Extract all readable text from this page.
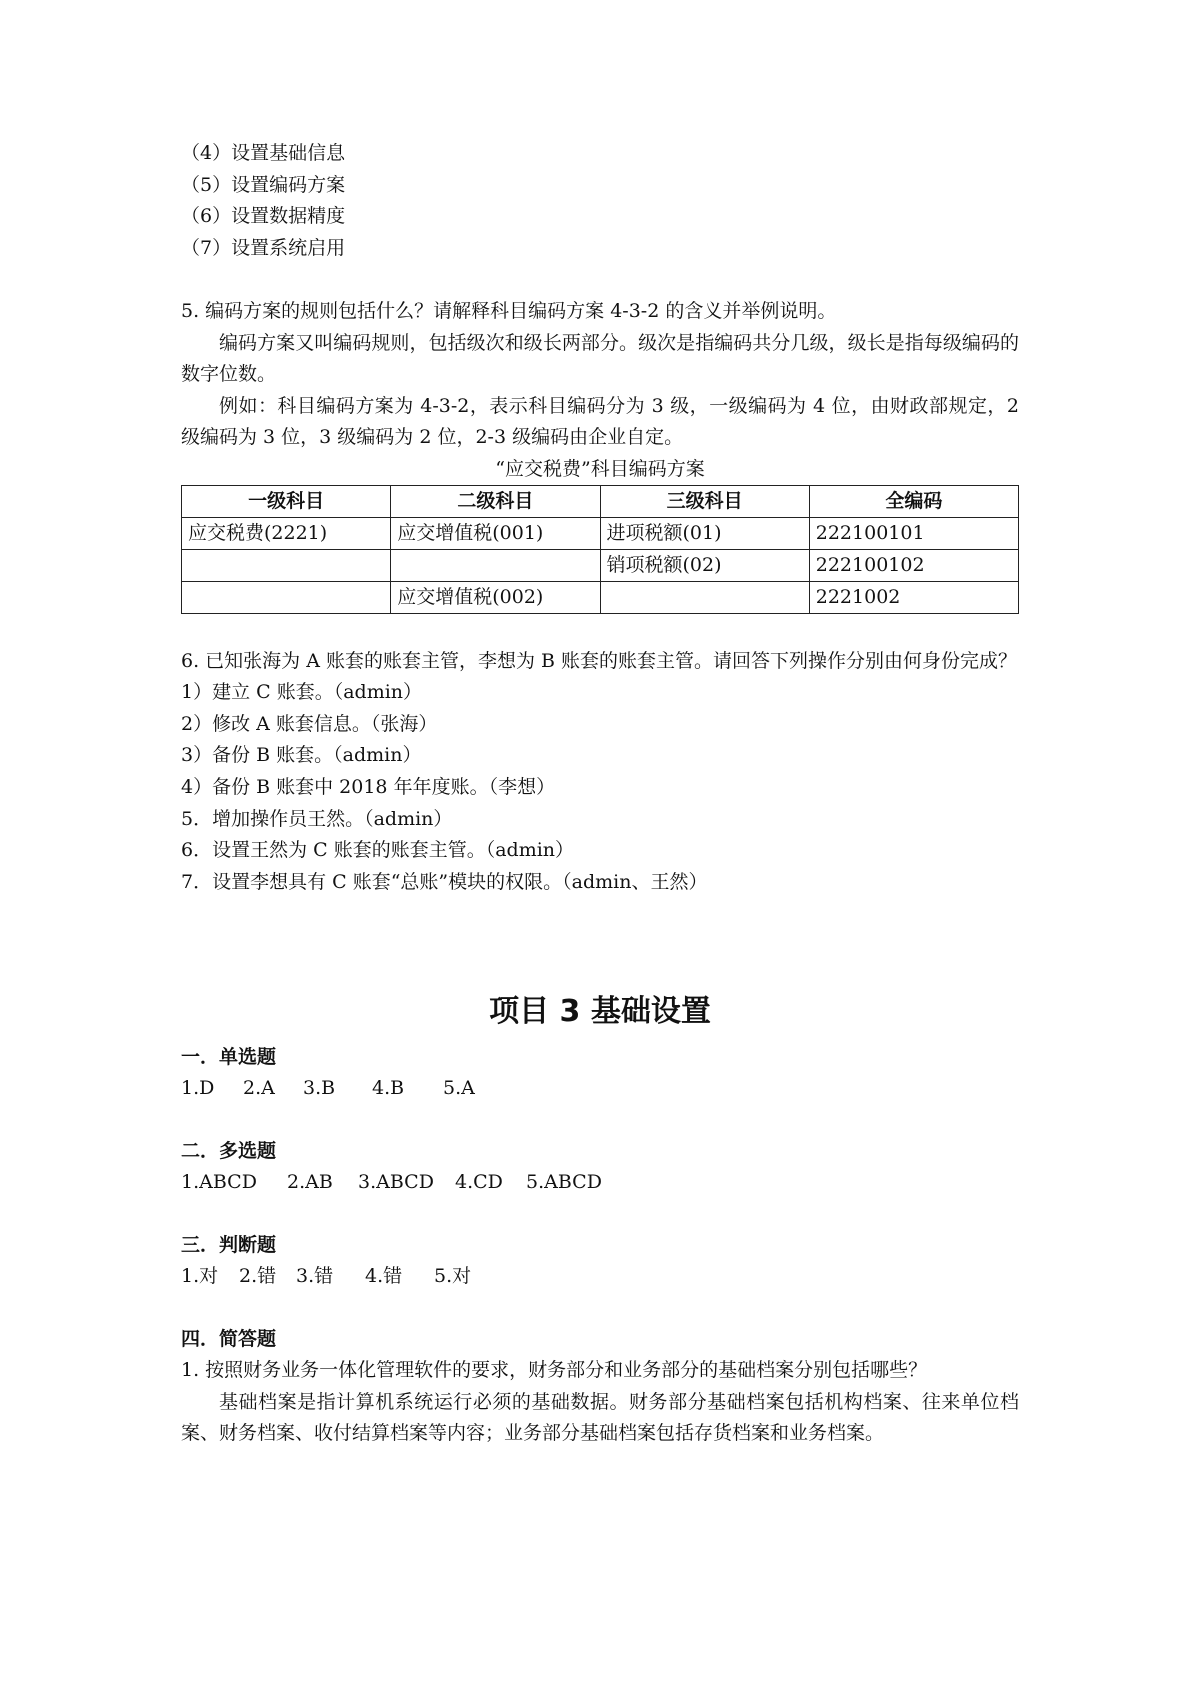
（4）设置基础信息
（5）设置编码方案
（6）设置数据精度
（7）设置系统启用
5. 编码方案的规则包括什么？请解释科目编码方案 4-3-2 的含义并举例说明。
编码方案又叫编码规则，包括级次和级长两部分。级次是指编码共分几级，级长是指每级编码的数字位数。
例如：科目编码方案为 4-3-2，表示科目编码分为 3 级，一级编码为 4 位，由财政部规定，2 级编码为 3 位，3 级编码为 2 位，2-3 级编码由企业自定。
“应交税费”科目编码方案
一级科目	二级科目	三级科目	全编码
应交税费(2221)	应交增值税(001)	进项税额(01)	222100101
		销项税额(02)	222100102
	应交增值税(002)		2221002
6. 已知张海为 A 账套的账套主管，李想为 B 账套的账套主管。请回答下列操作分别由何身份完成？
1）建立 C 账套。（admin）
2）修改 A 账套信息。（张海）
3）备份 B 账套。（admin）
4）备份 B 账套中 2018 年年度账。（李想）
5．增加操作员王然。（admin）
6．设置王然为 C 账套的账套主管。（admin）
7．设置李想具有 C 账套“总账”模块的权限。（admin、王然）
项目 3 基础设置
一．单选题
1.D 2.A 3.B 4.B 5.A
二．多选题
1.ABCD 2.AB 3.ABCD 4.CD 5.ABCD
三．判断题
1.对 2.错 3.错 4.错 5.对
四．简答题
1. 按照财务业务一体化管理软件的要求，财务部分和业务部分的基础档案分别包括哪些？
基础档案是指计算机系统运行必须的基础数据。财务部分基础档案包括机构档案、往来单位档案、财务档案、收付结算档案等内容；业务部分基础档案包括存货档案和业务档案。
